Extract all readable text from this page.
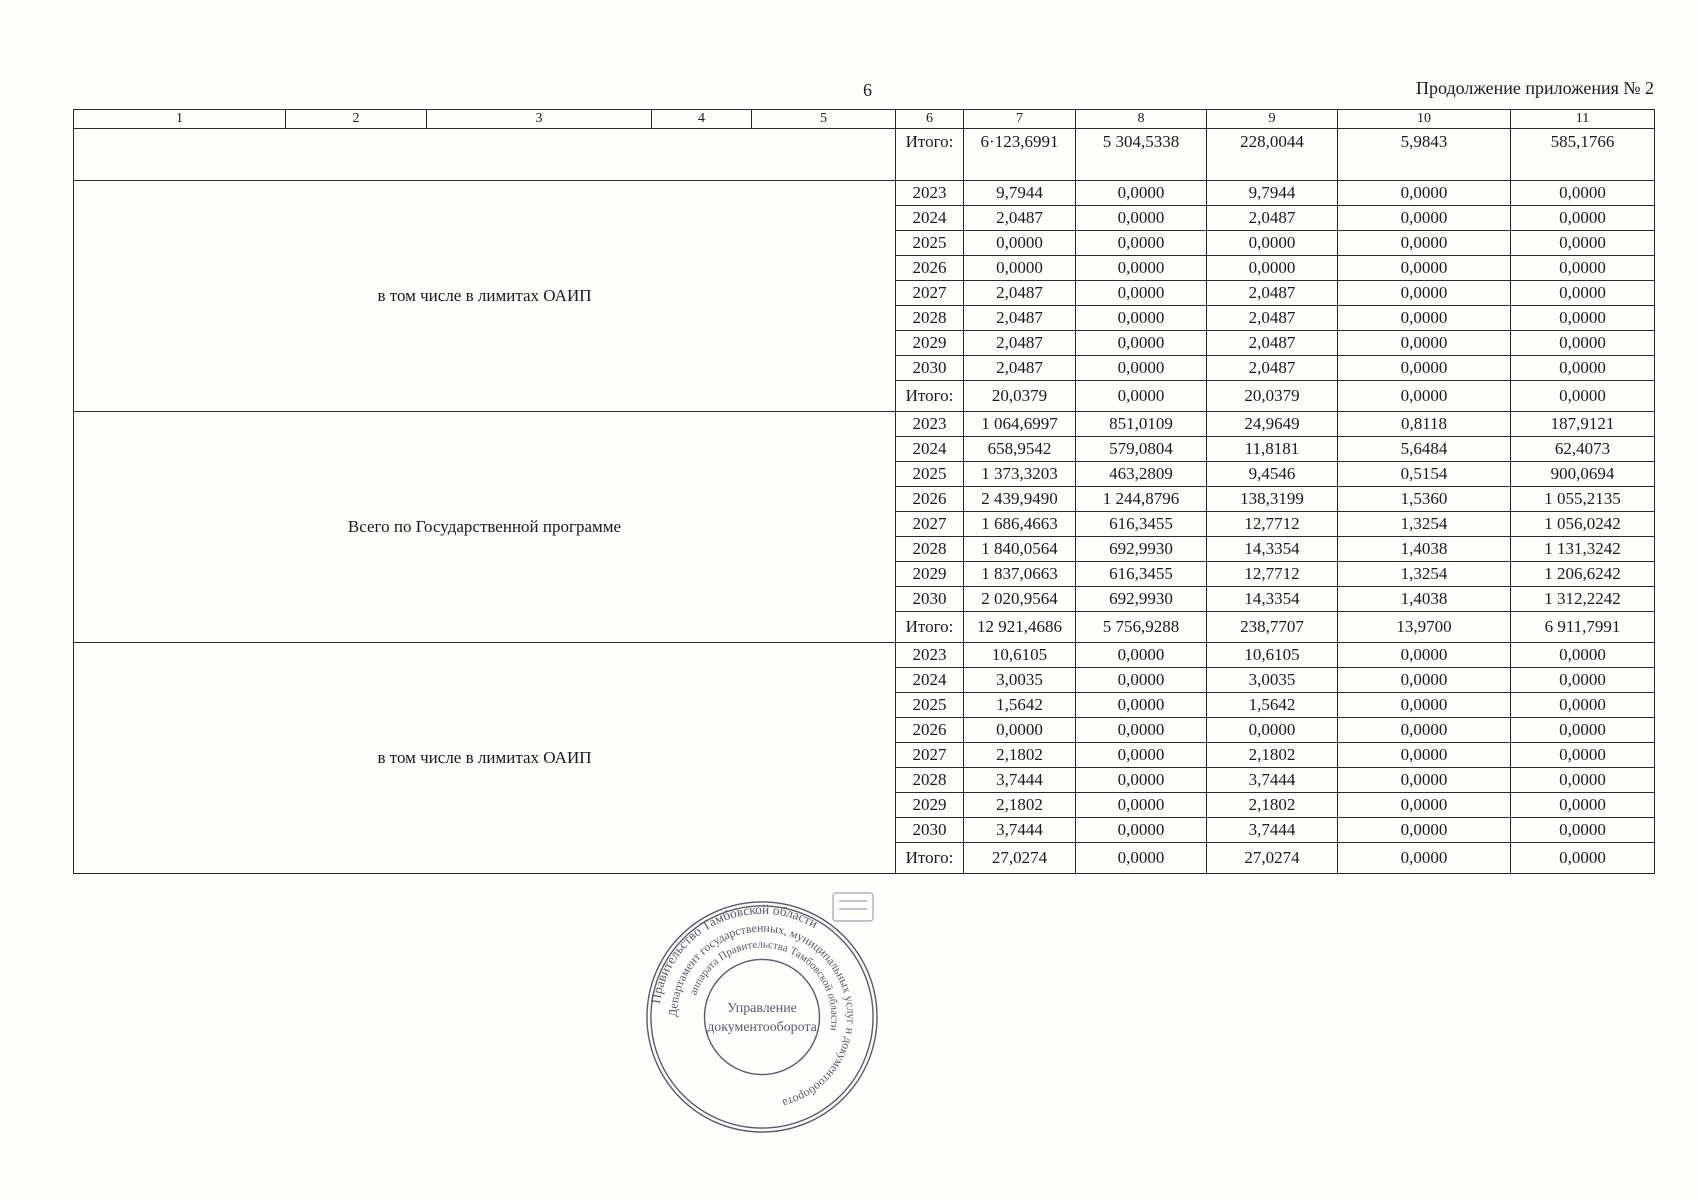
6	Продолжение приложения № 2
1	2	3	4	5	6	7	8	9	10	11
					Итого:	6·123,6991	5 304,5338	228,0044	5,9843	585,1766
в том числе в лимитах ОАИП					2023	9,7944	0,0000	9,7944	0,0000	0,0000
					2024	2,0487	0,0000	2,0487	0,0000	0,0000
					2025	0,0000	0,0000	0,0000	0,0000	0,0000
					2026	0,0000	0,0000	0,0000	0,0000	0,0000
					2027	2,0487	0,0000	2,0487	0,0000	0,0000
					2028	2,0487	0,0000	2,0487	0,0000	0,0000
					2029	2,0487	0,0000	2,0487	0,0000	0,0000
					2030	2,0487	0,0000	2,0487	0,0000	0,0000
					Итого:	20,0379	0,0000	20,0379	0,0000	0,0000
Всего по Государственной программе					2023	1 064,6997	851,0109	24,9649	0,8118	187,9121
					2024	658,9542	579,0804	11,8181	5,6484	62,4073
					2025	1 373,3203	463,2809	9,4546	0,5154	900,0694
					2026	2 439,9490	1 244,8796	138,3199	1,5360	1 055,2135
					2027	1 686,4663	616,3455	12,7712	1,3254	1 056,0242
					2028	1 840,0564	692,9930	14,3354	1,4038	1 131,3242
					2029	1 837,0663	616,3455	12,7712	1,3254	1 206,6242
					2030	2 020,9564	692,9930	14,3354	1,4038	1 312,2242
					Итого:	12 921,4686	5 756,9288	238,7707	13,9700	6 911,7991
в том числе в лимитах ОАИП					2023	10,6105	0,0000	10,6105	0,0000	0,0000
					2024	3,0035	0,0000	3,0035	0,0000	0,0000
					2025	1,5642	0,0000	1,5642	0,0000	0,0000
					2026	0,0000	0,0000	0,0000	0,0000	0,0000
					2027	2,1802	0,0000	2,1802	0,0000	0,0000
					2028	3,7444	0,0000	3,7444	0,0000	0,0000
					2029	2,1802	0,0000	2,1802	0,0000	0,0000
					2030	3,7444	0,0000	3,7444	0,0000	0,0000
					Итого:	27,0274	0,0000	27,0274	0,0000	0,0000
Правительство Тамбовской области
Департамент государственных, муниципальных услуг и документооборота
аппарата Правительства Тамбовской области
Управление
документооборота
